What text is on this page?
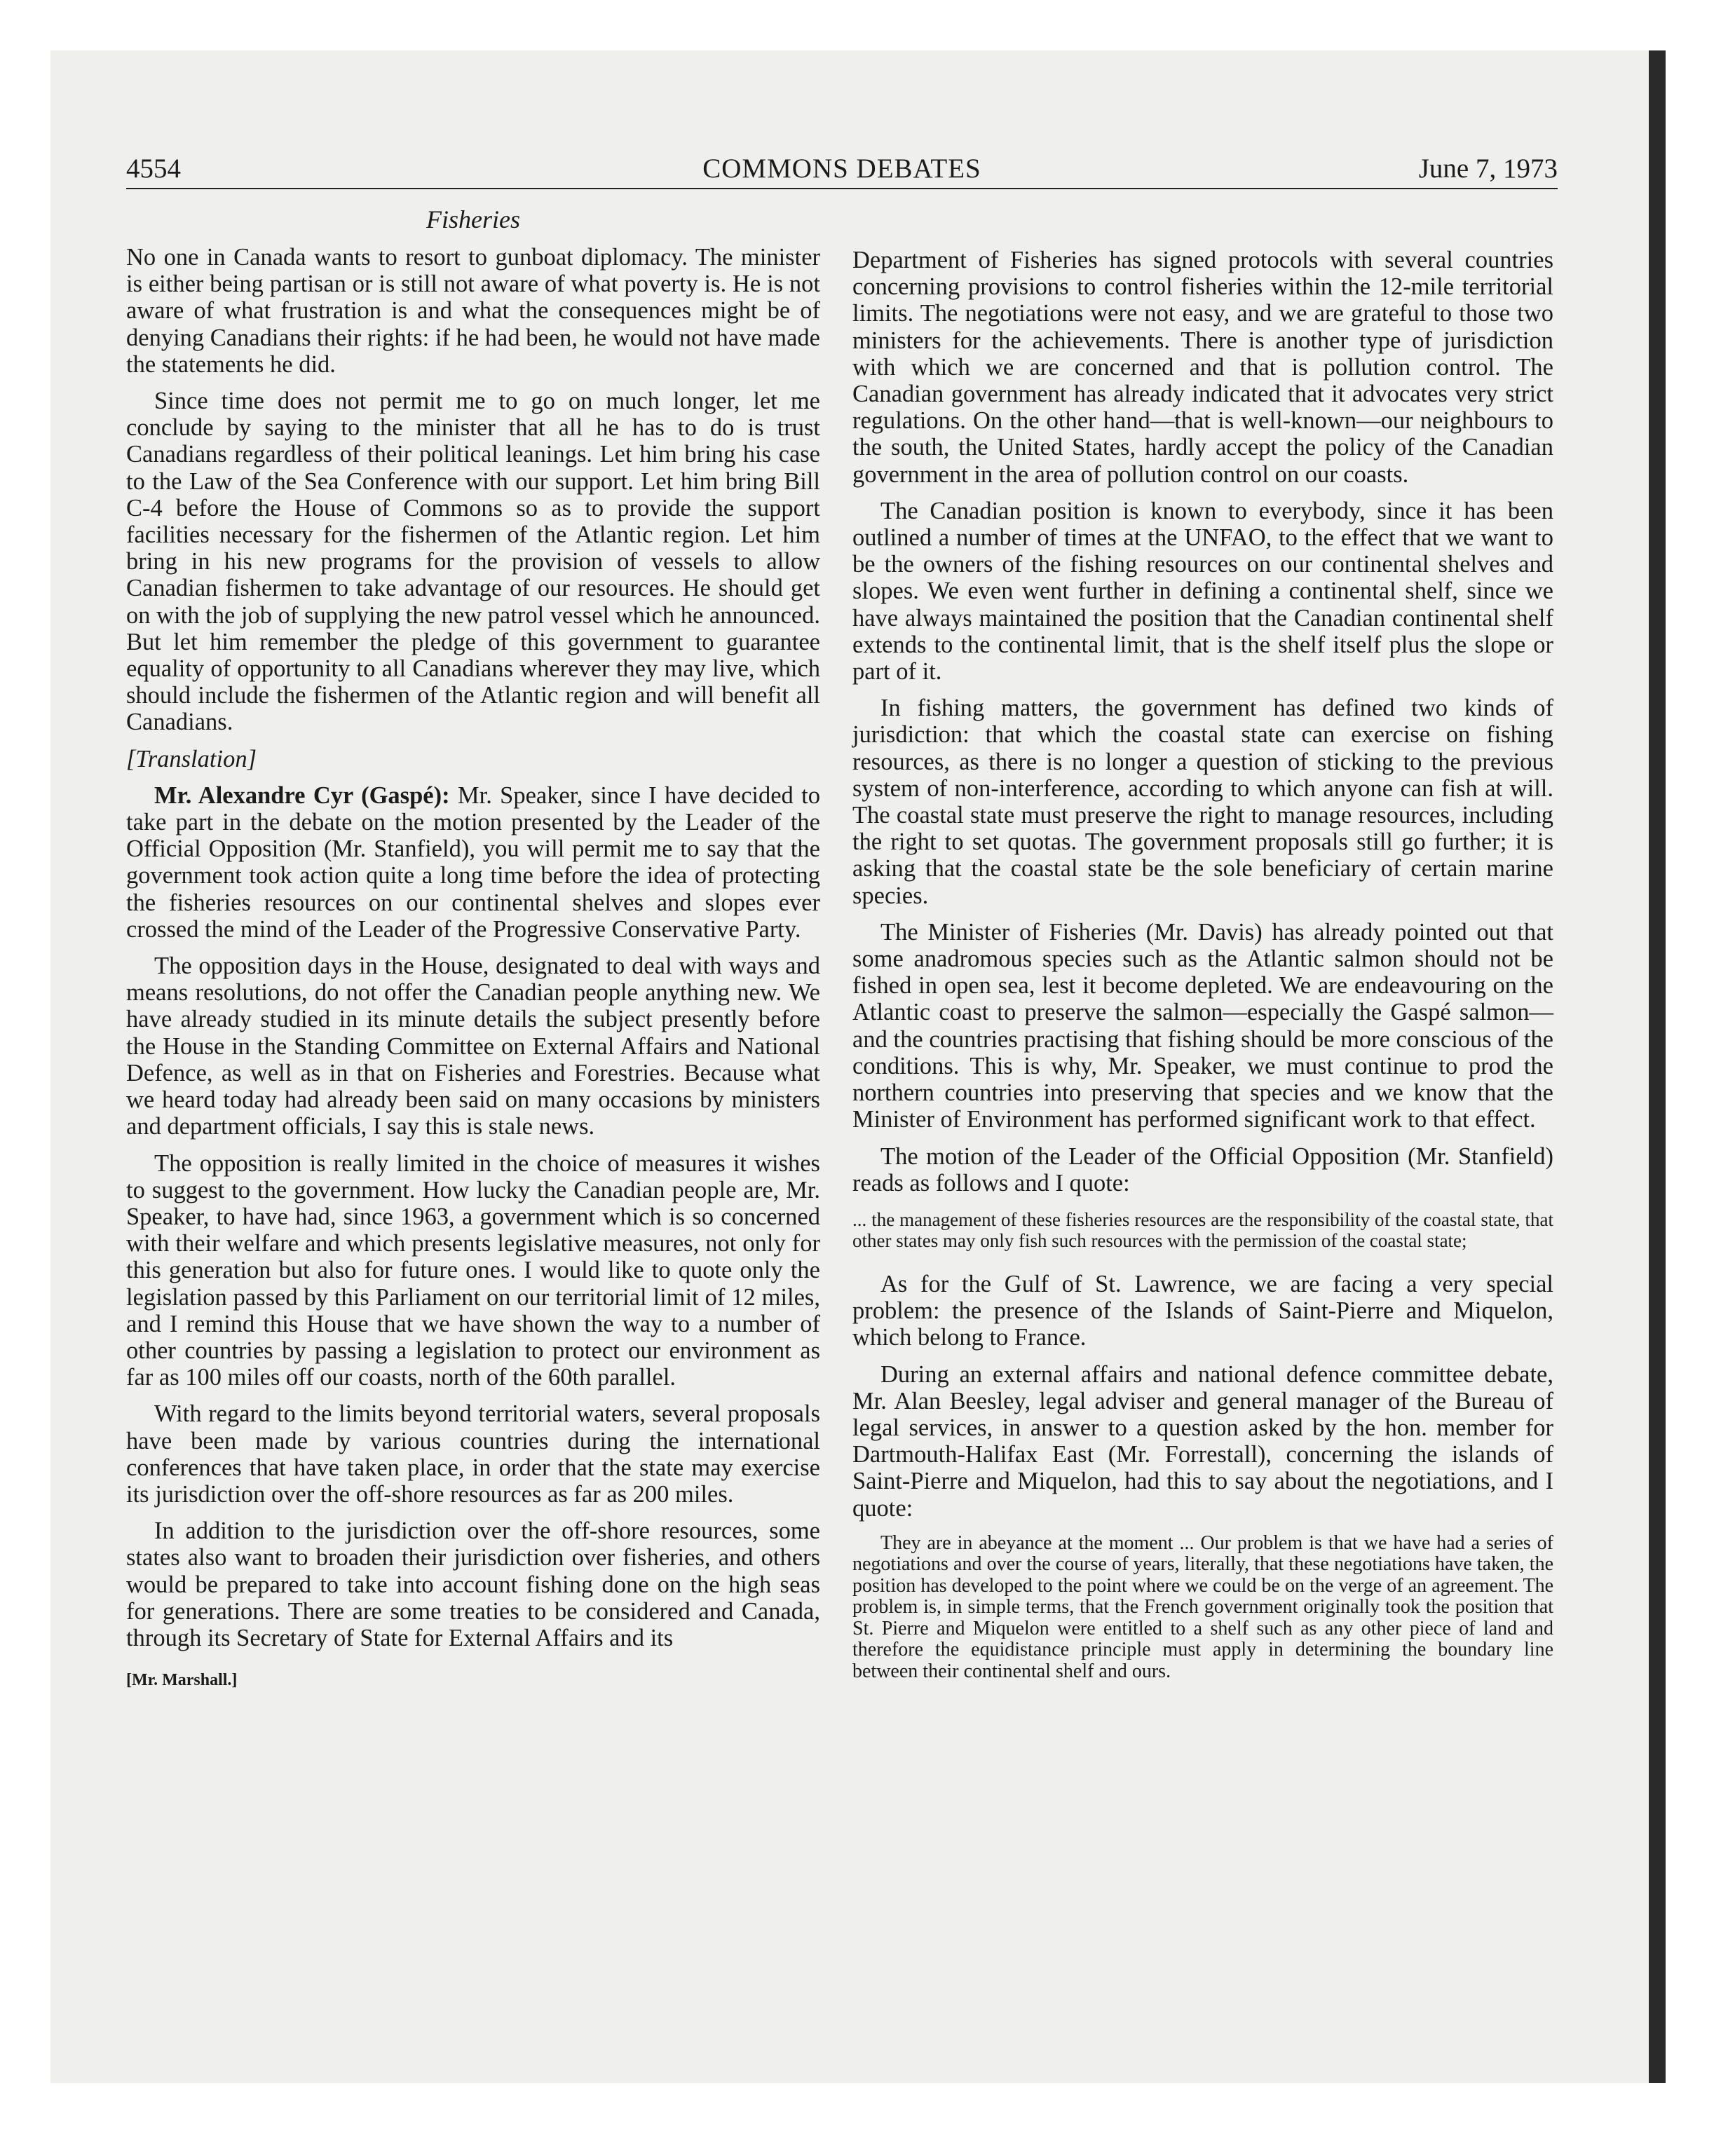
4554	COMMONS DEBATES	June 7, 1973
Fisheries

No one in Canada wants to resort to gunboat diplomacy. The minister is either being partisan or is still not aware of what poverty is. He is not aware of what frustration is and what the consequences might be of denying Canadians their rights: if he had been, he would not have made the statements he did.

Since time does not permit me to go on much longer, let me conclude by saying to the minister that all he has to do is trust Canadians regardless of their political leanings. Let him bring his case to the Law of the Sea Conference with our support. Let him bring Bill C-4 before the House of Commons so as to provide the support facilities necessary for the fishermen of the Atlantic region. Let him bring in his new programs for the provision of vessels to allow Canadian fishermen to take advantage of our resources. He should get on with the job of supplying the new patrol vessel which he announced. But let him remember the pledge of this government to guarantee equality of opportunity to all Canadians wherever they may live, which should include the fishermen of the Atlantic region and will benefit all Canadians.

[Translation]

Mr. Alexandre Cyr (Gaspé): Mr. Speaker, since I have decided to take part in the debate on the motion presented by the Leader of the Official Opposition (Mr. Stanfield), you will permit me to say that the government took action quite a long time before the idea of protecting the fisheries resources on our continental shelves and slopes ever crossed the mind of the Leader of the Progressive Conservative Party.

The opposition days in the House, designated to deal with ways and means resolutions, do not offer the Canadian people anything new. We have already studied in its minute details the subject presently before the House in the Standing Committee on External Affairs and National Defence, as well as in that on Fisheries and Forestries. Because what we heard today had already been said on many occasions by ministers and department officials, I say this is stale news.

The opposition is really limited in the choice of measures it wishes to suggest to the government. How lucky the Canadian people are, Mr. Speaker, to have had, since 1963, a government which is so concerned with their welfare and which presents legislative measures, not only for this generation but also for future ones. I would like to quote only the legislation passed by this Parliament on our territorial limit of 12 miles, and I remind this House that we have shown the way to a number of other countries by passing a legislation to protect our environment as far as 100 miles off our coasts, north of the 60th parallel.

With regard to the limits beyond territorial waters, several proposals have been made by various countries during the international conferences that have taken place, in order that the state may exercise its jurisdiction over the off-shore resources as far as 200 miles.

In addition to the jurisdiction over the off-shore resources, some states also want to broaden their jurisdiction over fisheries, and others would be prepared to take into account fishing done on the high seas for generations. There are some treaties to be considered and Canada, through its Secretary of State for External Affairs and its

[Mr. Marshall.]

Department of Fisheries has signed protocols with several countries concerning provisions to control fisheries within the 12-mile territorial limits. The negotiations were not easy, and we are grateful to those two ministers for the achievements. There is another type of jurisdiction with which we are concerned and that is pollution control. The Canadian government has already indicated that it advocates very strict regulations. On the other hand—that is well-known—our neighbours to the south, the United States, hardly accept the policy of the Canadian government in the area of pollution control on our coasts.

The Canadian position is known to everybody, since it has been outlined a number of times at the UNFAO, to the effect that we want to be the owners of the fishing resources on our continental shelves and slopes. We even went further in defining a continental shelf, since we have always maintained the position that the Canadian continental shelf extends to the continental limit, that is the shelf itself plus the slope or part of it.

In fishing matters, the government has defined two kinds of jurisdiction: that which the coastal state can exercise on fishing resources, as there is no longer a question of sticking to the previous system of non-interference, according to which anyone can fish at will. The coastal state must preserve the right to manage resources, including the right to set quotas. The government proposals still go further; it is asking that the coastal state be the sole beneficiary of certain marine species.

The Minister of Fisheries (Mr. Davis) has already pointed out that some anadromous species such as the Atlantic salmon should not be fished in open sea, lest it become depleted. We are endeavouring on the Atlantic coast to preserve the salmon—especially the Gaspé salmon—and the countries practising that fishing should be more conscious of the conditions. This is why, Mr. Speaker, we must continue to prod the northern countries into preserving that species and we know that the Minister of Environment has performed significant work to that effect.

The motion of the Leader of the Official Opposition (Mr. Stanfield) reads as follows and I quote:

... the management of these fisheries resources are the responsibility of the coastal state, that other states may only fish such resources with the permission of the coastal state;

As for the Gulf of St. Lawrence, we are facing a very special problem: the presence of the Islands of Saint-Pierre and Miquelon, which belong to France.

During an external affairs and national defence committee debate, Mr. Alan Beesley, legal adviser and general manager of the Bureau of legal services, in answer to a question asked by the hon. member for Dartmouth-Halifax East (Mr. Forrestall), concerning the islands of Saint-Pierre and Miquelon, had this to say about the negotiations, and I quote:

They are in abeyance at the moment ... Our problem is that we have had a series of negotiations and over the course of years, literally, that these negotiations have taken, the position has developed to the point where we could be on the verge of an agreement. The problem is, in simple terms, that the French government originally took the position that St. Pierre and Miquelon were entitled to a shelf such as any other piece of land and therefore the equidistance principle must apply in determining the boundary line between their continental shelf and ours.
